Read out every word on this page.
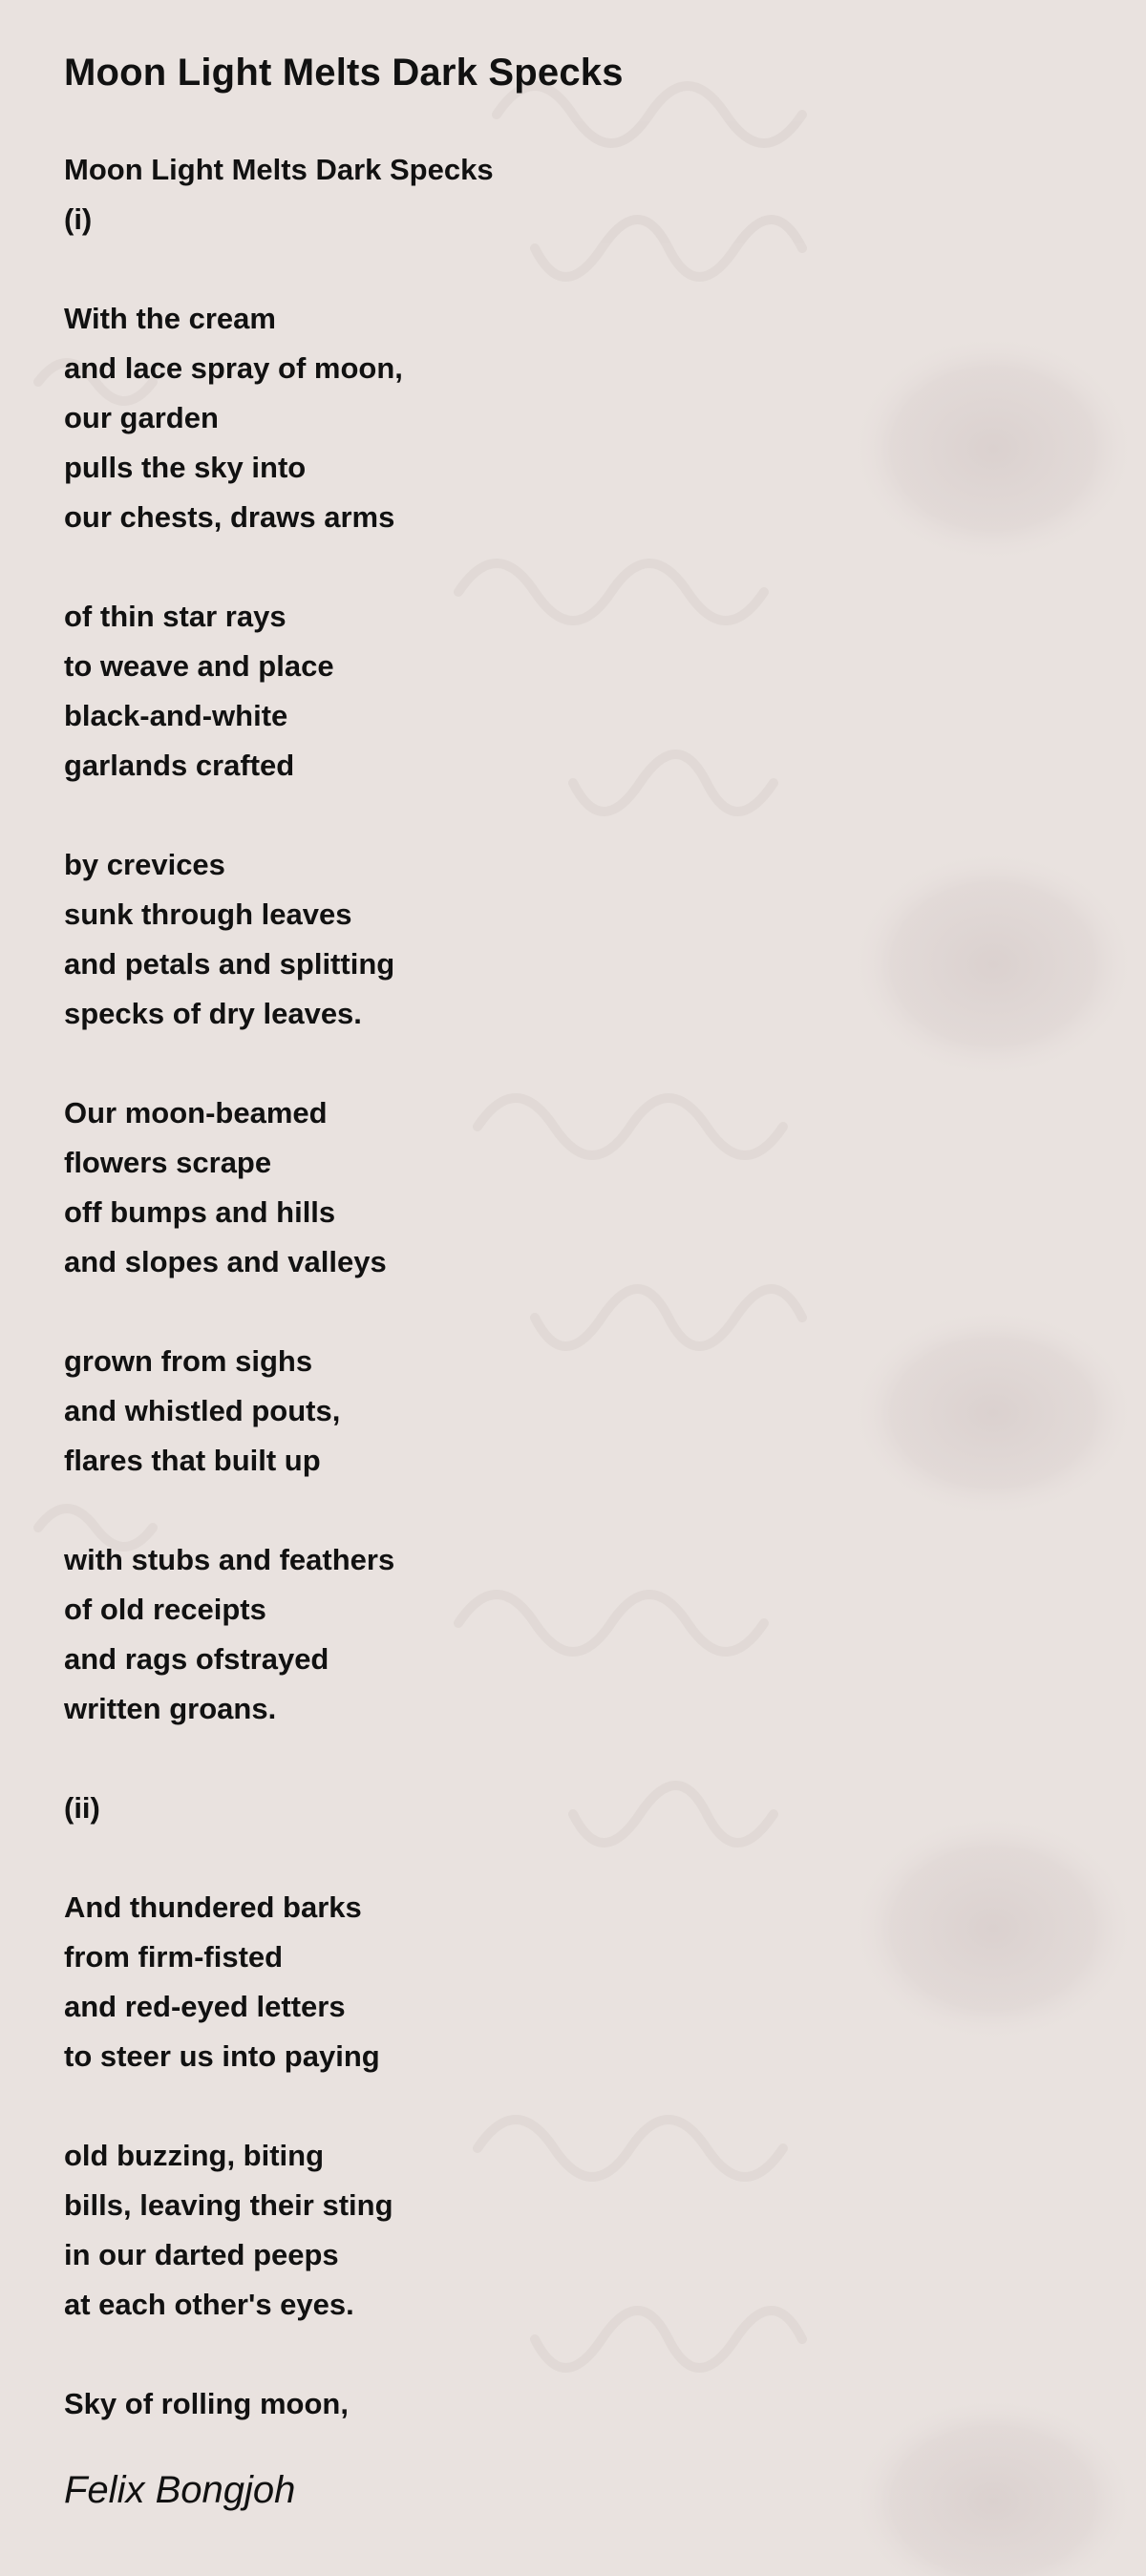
Moon Light Melts Dark Specks
Moon Light Melts Dark Specks
(i)
With the cream
and lace spray of moon,
our garden
pulls the sky into
our chests, draws arms
of thin star rays
to weave and place
black-and-white
garlands crafted
by crevices
sunk through leaves
and petals and splitting
specks of dry leaves.
Our moon-beamed
flowers scrape
off bumps and hills
and slopes and valleys
grown from sighs
and whistled pouts,
flares that built up
with stubs and feathers
of old receipts
and rags ofstrayed
written groans.
(ii)
And thundered barks
from firm-fisted
and red-eyed letters
to steer us into paying
old buzzing, biting
bills, leaving their sting
in our darted peeps
at each other's eyes.
Sky of rolling moon,
Felix Bongjoh
